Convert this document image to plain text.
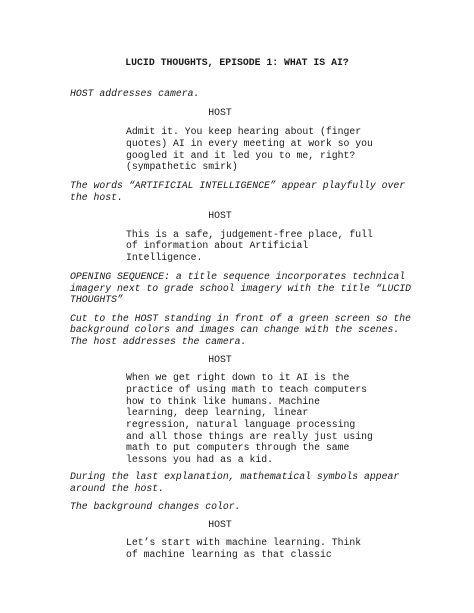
LUCID THOUGHTS, EPISODE 1: WHAT IS AI?
HOST addresses camera.
HOST
Admit it. You keep hearing about (finger
quotes) AI in every meeting at work so you
googled it and it led you to me, right?
(sympathetic smirk)
The words “ARTIFICIAL INTELLIGENCE” appear playfully over
the host.
HOST
This is a safe, judgement-free place, full
of information about Artificial
Intelligence.
OPENING SEQUENCE: a title sequence incorporates technical
imagery next to grade school imagery with the title “LUCID
THOUGHTS”
Cut to the HOST standing in front of a green screen so the
background colors and images can change with the scenes.
The host addresses the camera.
HOST
When we get right down to it AI is the
practice of using math to teach computers
how to think like humans. Machine
learning, deep learning, linear
regression, natural language processing
and all those things are really just using
math to put computers through the same
lessons you had as a kid.
During the last explanation, mathematical symbols appear
around the host.
The background changes color.
HOST
Let’s start with machine learning. Think
of machine learning as that classic
